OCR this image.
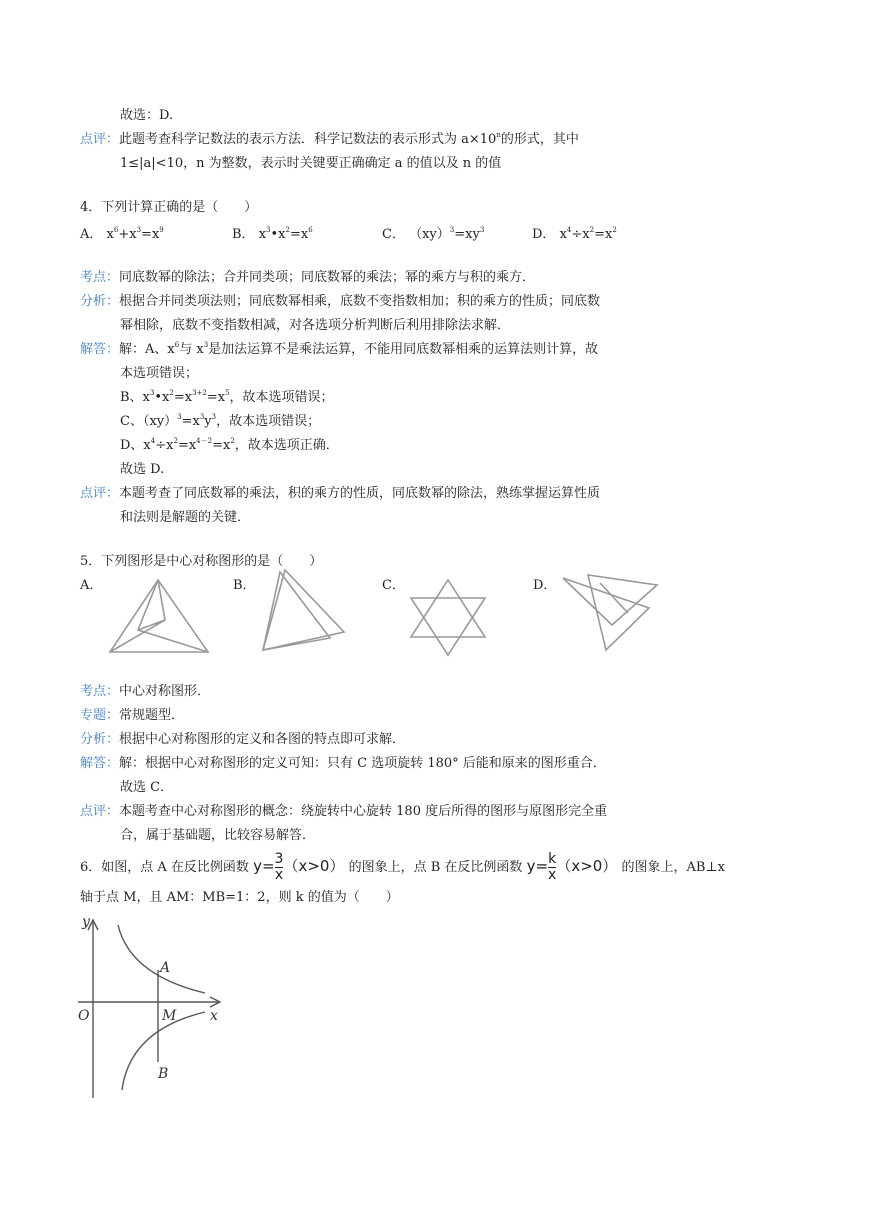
故选：D.
点评：此题考查科学记数法的表示方法．科学记数法的表示形式为 $a\times 10^n$的形式，其中
1≤|a|<10，n 为整数，表示时关键要正确确定 a 的值以及 n 的值
4．下列计算正确的是（　　）
A． $x^6+x^3=x^9$	B． $x^3•x^2=x^6$	C． $(xy)^3=xy^3$	D． $x^4\div x^2=x^2$
考点：同底数幂的除法；合并同类项；同底数幂的乘法；幂的乘方与积的乘方．
分析：根据合并同类项法则；同底数幂相乘，底数不变指数相加；积的乘方的性质；同底数
幂相除，底数不变指数相减，对各选项分析判断后利用排除法求解．
解答：解：A、$x^6$与 $x^3$是加法运算不是乘法运算，不能用同底数幂相乘的运算法则计算，故
本选项错误；
B、$x^3•x^2=x^{3+2}=x^5$，故本选项错误；
C、$(xy)^3=x^3y^3$，故本选项错误；
D、$x^4\div x^2=x^{4-2}=x^2$，故本选项正确．
故选 D.
点评：本题考查了同底数幂的乘法，积的乘方的性质，同底数幂的除法，熟练掌握运算性质
和法则是解题的关键．
5．下列图形是中心对称图形的是（　　）
A．	B．	C．	D．
考点：中心对称图形．
专题：常规题型．
分析：根据中心对称图形的定义和各图的特点即可求解．
解答：解：根据中心对称图形的定义可知：只有 C 选项旋转 180° 后能和原来的图形重合．
故选 C．
点评：本题考查中心对称图形的概念：绕旋转中心旋转 180 度后所得的图形与原图形完全重
合，属于基础题，比较容易解答．
6．如图，点 A 在反比例函数 $y= \frac{3}{x} (x>0)$ 的图象上，点 B 在反比例函数 $y= \frac{k}{x} (x>0)$ 的图象上，AB⊥x
轴于点 M，且 AM：MB=1：2，则 k 的值为（　　）
y
x
O
A
M
B
